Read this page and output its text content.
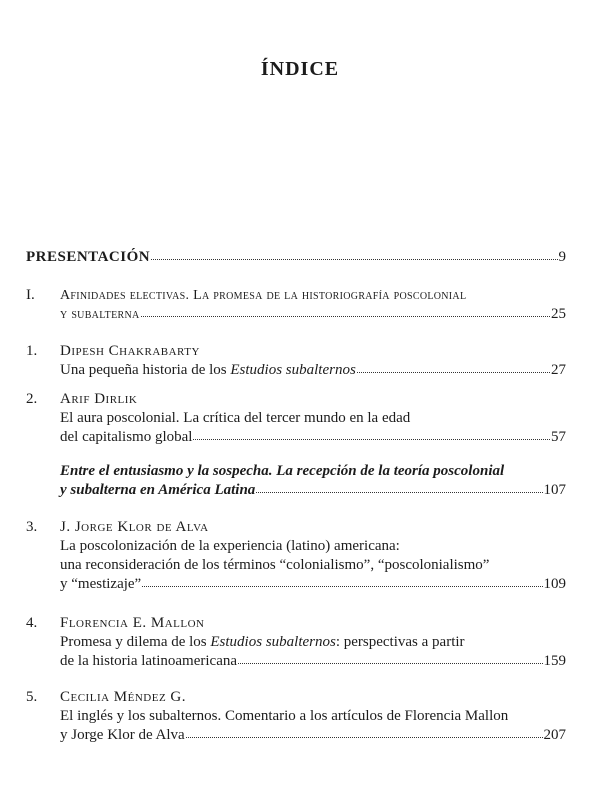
ÍNDICE
PRESENTACIÓN	9
I.	Afinidades electivas. La promesa de la historiografía poscolonial
y subalterna	25
1.	Dipesh Chakrabarty
Una pequeña historia de los Estudios subalternos	27
2.	Arif Dirlik
El aura poscolonial. La crítica del tercer mundo en la edad
del capitalismo global	57
Entre el entusiasmo y la sospecha. La recepción de la teoría poscolonial
y subalterna en América Latina	107
3.	J. Jorge Klor de Alva
La poscolonización de la experiencia (latino) americana:
una reconsideración de los términos “colonialismo”, “poscolonialismo”
y “mestizaje”	109
4.	Florencia E. Mallon
Promesa y dilema de los Estudios subalternos: perspectivas a partir
de la historia latinoamericana	159
5.	Cecilia Méndez G.
El inglés y los subalternos. Comentario a los artículos de Florencia Mallon
y Jorge Klor de Alva	207
